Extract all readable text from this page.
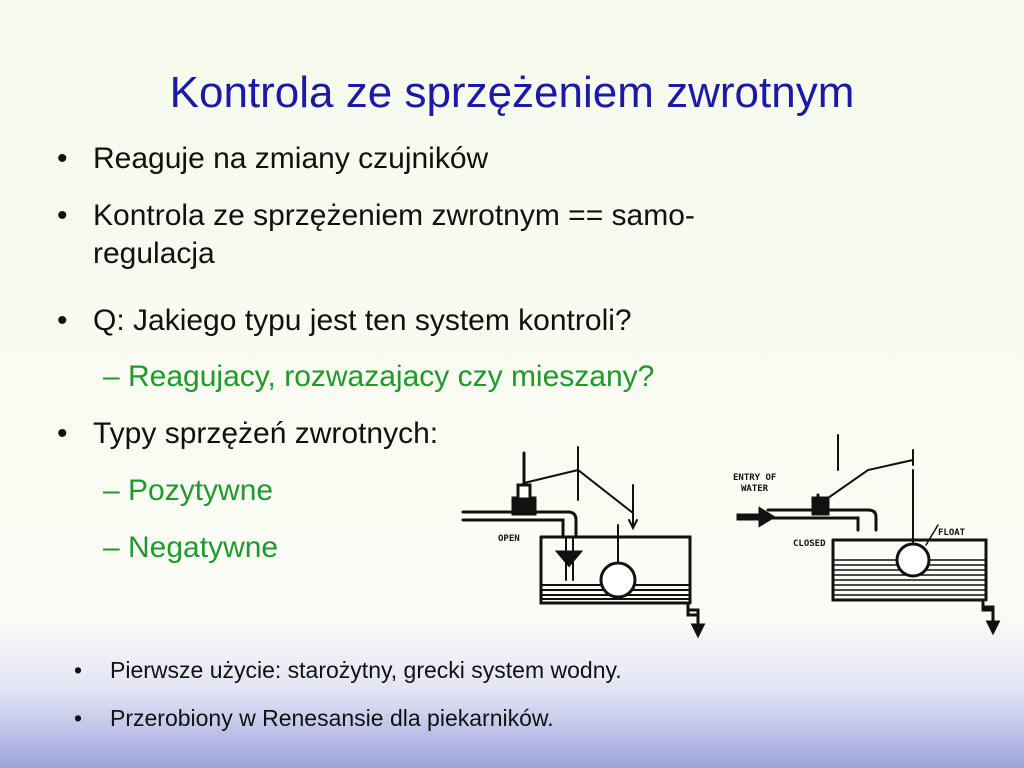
Kontrola ze sprzężeniem zwrotnym
• Reaguje na zmiany czujników
• Kontrola ze sprzężeniem zwrotnym == samo-
regulacja
• Q: Jakiego typu jest ten system kontroli?
– Reagujacy, rozwazajacy czy mieszany?
• Typy sprzężeń zwrotnych:
– Pozytywne
– Negatywne	OPEN
ENTRY OF
WATER
CLOSED
FLOAT
• Pierwsze użycie: starożytny, grecki system wodny.
• Przerobiony w Renesansie dla piekarników.
